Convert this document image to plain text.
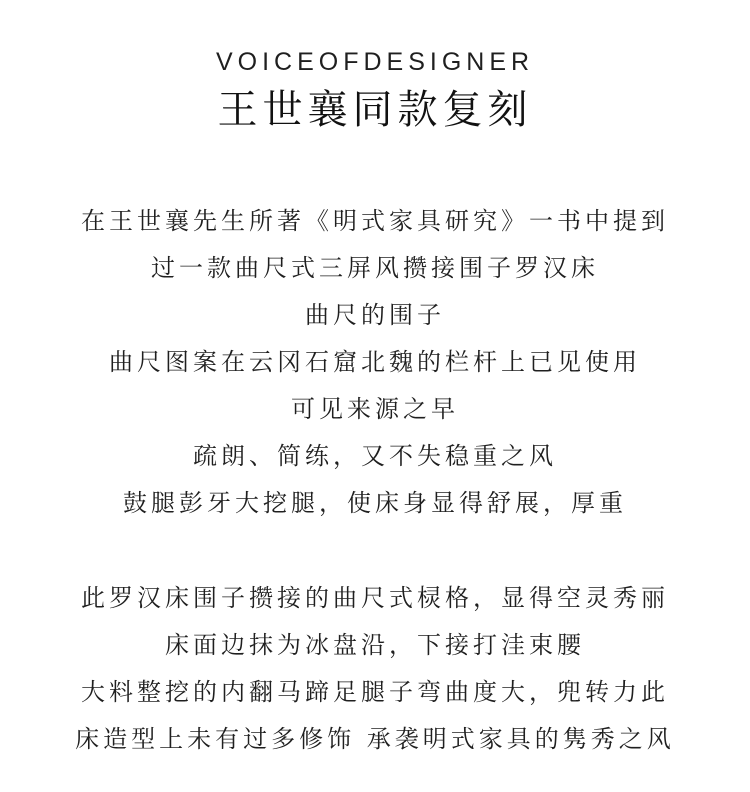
VOICEOFDESIGNER

王世襄同款复刻

在王世襄先生所著《明式家具研究》一书中提到
过一款曲尺式三屏风攒接围子罗汉床
曲尺的围子
曲尺图案在云冈石窟北魏的栏杆上已见使用
可见来源之早
疏朗、简练，又不失稳重之风
鼓腿彭牙大挖腿，使床身显得舒展，厚重

此罗汉床围子攒接的曲尺式棂格，显得空灵秀丽
床面边抹为冰盘沿，下接打洼束腰
大料整挖的内翻马蹄足腿子弯曲度大，兜转力此
床造型上未有过多修饰 承袭明式家具的隽秀之风
